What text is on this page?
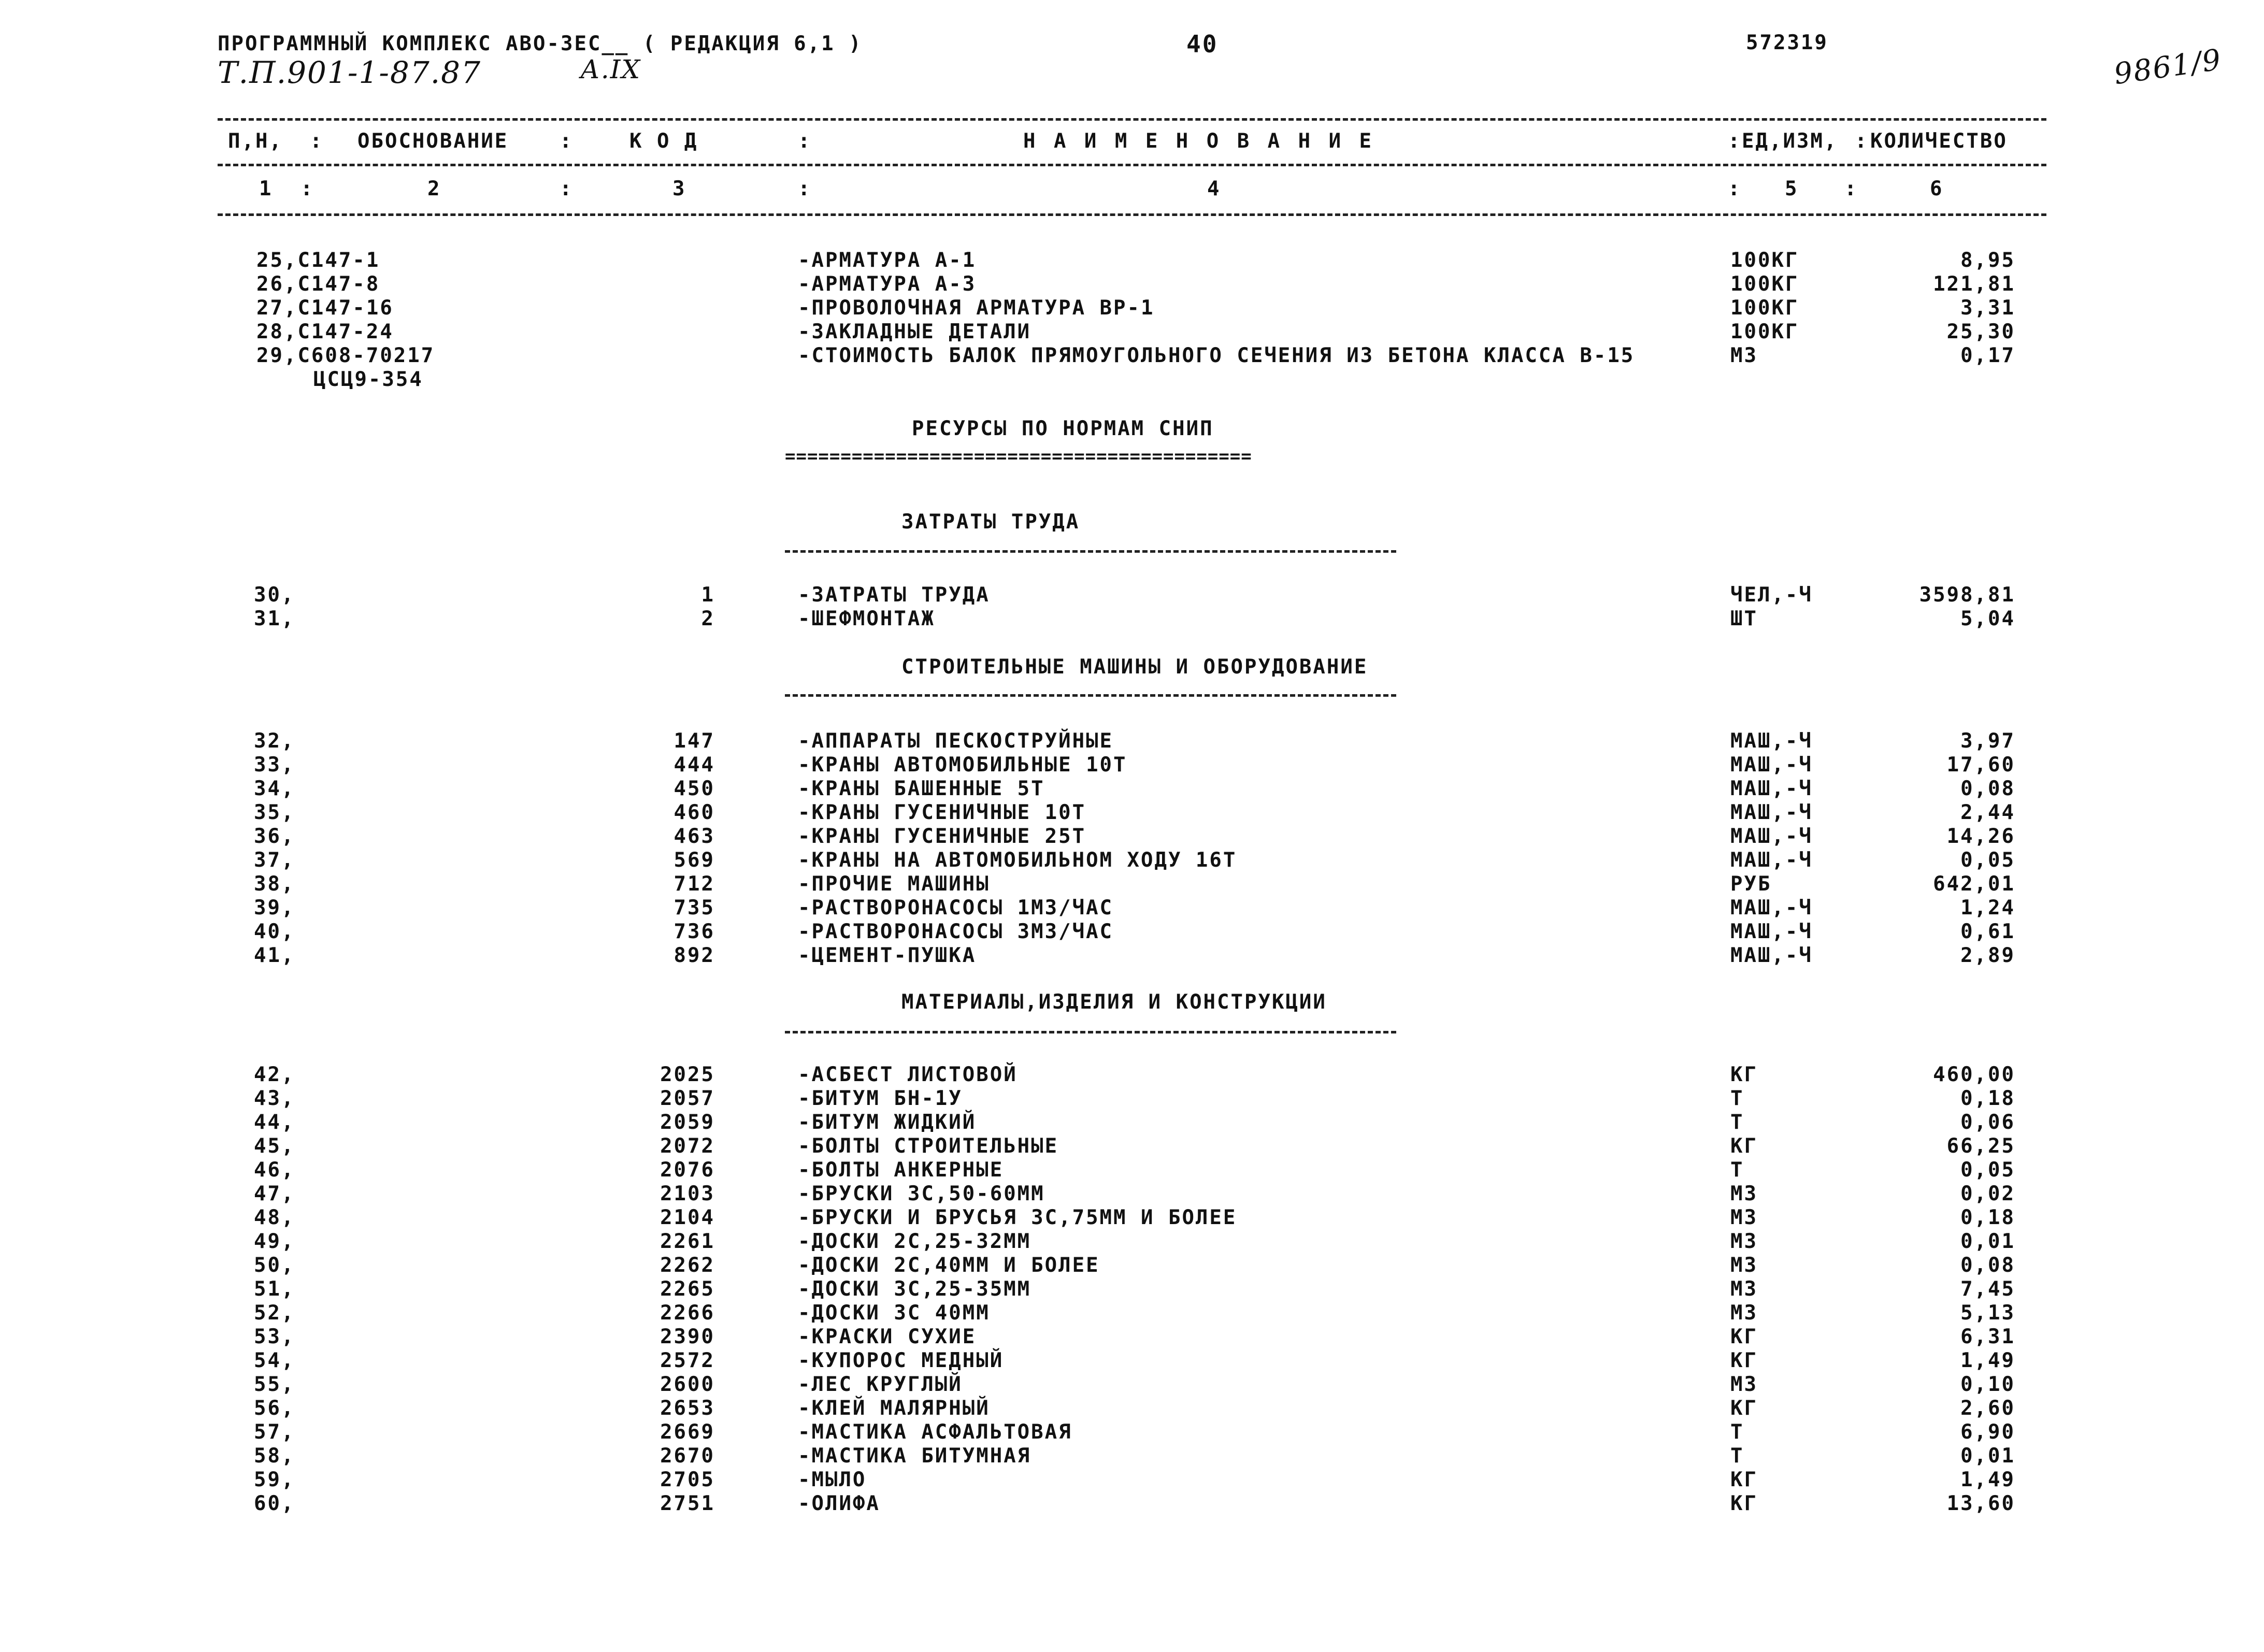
ПРОГРАММНЫЙ КОМПЛЕКС АВО-3ЕС__ ( РЕДАКЦИЯ 6,1 )	40	572319
Т.П.901-1-87.87	А.IX	9861/9
П,Н, : ОБОСНОВАНИЕ	:	К О Д	:	Н А И М Е Н О В А Н И Е	: ЕД,ИЗМ, : КОЛИЧЕСТВО
1 :	2	:	3	:	4	: 5 :	6
25,С147-1	-АРМАТУРА А-1	100КГ	8,95
26,С147-8	-АРМАТУРА А-3	100КГ	121,81
27,С147-16	-ПРОВОЛОЧНАЯ АРМАТУРА ВР-1	100КГ	3,31
28,С147-24	-ЗАКЛАДНЫЕ ДЕТАЛИ	100КГ	25,30
29,С608-70217	-СТОИМОСТЬ БАЛОК ПРЯМОУГОЛЬНОГО СЕЧЕНИЯ ИЗ БЕТОНА КЛАССА В-15	М3	0,17
ЦСЦ9-354
РЕСУРСЫ ПО НОРМАМ СНИП
==========================================
ЗАТРАТЫ ТРУДА
30,	1	-ЗАТРАТЫ ТРУДА	ЧЕЛ,-Ч	3598,81
31,	2	-ШЕФМОНТАЖ	ШТ	5,04
СТРОИТЕЛЬНЫЕ МАШИНЫ И ОБОРУДОВАНИЕ
32,	147	-АППАРАТЫ ПЕСКОСТРУЙНЫЕ	МАШ,-Ч	3,97
33,	444	-КРАНЫ АВТОМОБИЛЬНЫЕ 10Т	МАШ,-Ч	17,60
34,	450	-КРАНЫ БАШЕННЫЕ 5Т	МАШ,-Ч	0,08
35,	460	-КРАНЫ ГУСЕНИЧНЫЕ 10Т	МАШ,-Ч	2,44
36,	463	-КРАНЫ ГУСЕНИЧНЫЕ 25Т	МАШ,-Ч	14,26
37,	569	-КРАНЫ НА АВТОМОБИЛЬНОМ ХОДУ 16Т	МАШ,-Ч	0,05
38,	712	-ПРОЧИЕ МАШИНЫ	РУБ	642,01
39,	735	-РАСТВОРОНАСОСЫ 1М3/ЧАС	МАШ,-Ч	1,24
40,	736	-РАСТВОРОНАСОСЫ 3М3/ЧАС	МАШ,-Ч	0,61
41,	892	-ЦЕМЕНТ-ПУШКА	МАШ,-Ч	2,89
МАТЕРИАЛЫ,ИЗДЕЛИЯ И КОНСТРУКЦИИ
42,	2025	-АСБЕСТ ЛИСТОВОЙ	КГ	460,00
43,	2057	-БИТУМ БН-1У	Т	0,18
44,	2059	-БИТУМ ЖИДКИЙ	Т	0,06
45,	2072	-БОЛТЫ СТРОИТЕЛЬНЫЕ	КГ	66,25
46,	2076	-БОЛТЫ АНКЕРНЫЕ	Т	0,05
47,	2103	-БРУСКИ 3С,50-60ММ	М3	0,02
48,	2104	-БРУСКИ И БРУСЬЯ 3С,75ММ И БОЛЕЕ	М3	0,18
49,	2261	-ДОСКИ 2С,25-32ММ	М3	0,01
50,	2262	-ДОСКИ 2С,40ММ И БОЛЕЕ	М3	0,08
51,	2265	-ДОСКИ 3С,25-35ММ	М3	7,45
52,	2266	-ДОСКИ 3С 40ММ	М3	5,13
53,	2390	-КРАСКИ СУХИЕ	КГ	6,31
54,	2572	-КУПОРОС МЕДНЫЙ	КГ	1,49
55,	2600	-ЛЕС КРУГЛЫЙ	М3	0,10
56,	2653	-КЛЕЙ МАЛЯРНЫЙ	КГ	2,60
57,	2669	-МАСТИКА АСФАЛЬТОВАЯ	Т	6,90
58,	2670	-МАСТИКА БИТУМНАЯ	Т	0,01
59,	2705	-МЫЛО	КГ	1,49
60,	2751	-ОЛИФА	КГ	13,60
